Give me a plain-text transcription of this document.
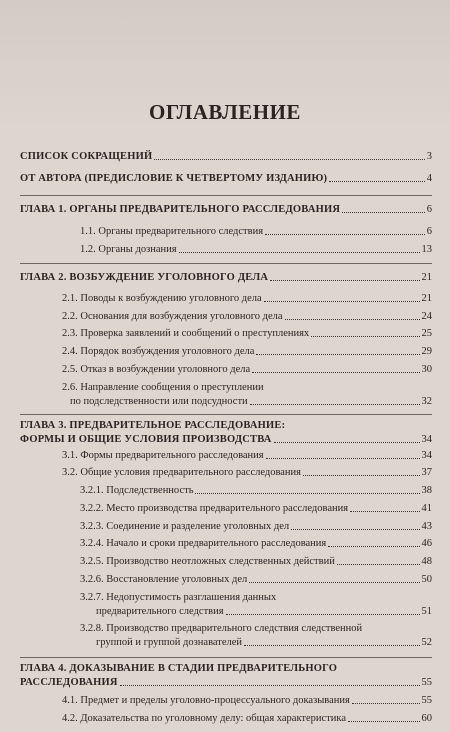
ОГЛАВЛЕНИЕ
СПИСОК СОКРАЩЕНИЙ	3
ОТ АВТОРА (ПРЕДИСЛОВИЕ К ЧЕТВЕРТОМУ ИЗДАНИЮ)	4
ГЛАВА 1. ОРГАНЫ ПРЕДВАРИТЕЛЬНОГО РАССЛЕДОВАНИЯ	6
1.1. Органы предварительного следствия	6
1.2. Органы дознания	13
ГЛАВА 2. ВОЗБУЖДЕНИЕ УГОЛОВНОГО ДЕЛА	21
2.1. Поводы к возбуждению уголовного дела	21
2.2. Основания для возбуждения уголовного дела	24
2.3. Проверка заявлений и сообщений о преступлениях	25
2.4. Порядок возбуждения уголовного дела	29
2.5. Отказ в возбуждении уголовного дела	30
2.6. Направление сообщения о преступлении
по подследственности или подсудности	32
ГЛАВА 3. ПРЕДВАРИТЕЛЬНОЕ РАССЛЕДОВАНИЕ:
ФОРМЫ И ОБЩИЕ УСЛОВИЯ ПРОИЗВОДСТВА	34
3.1. Формы предварительного расследования	34
3.2. Общие условия предварительного расследования	37
3.2.1. Подследственность	38
3.2.2. Место производства предварительного расследования	41
3.2.3. Соединение и разделение уголовных дел	43
3.2.4. Начало и сроки предварительного расследования	46
3.2.5. Производство неотложных следственных действий	48
3.2.6. Восстановление уголовных дел	50
3.2.7. Недопустимость разглашения данных
предварительного следствия	51
3.2.8. Производство предварительного следствия следственной
группой и группой дознавателей	52
ГЛАВА 4. ДОКАЗЫВАНИЕ В СТАДИИ ПРЕДВАРИТЕЛЬНОГО
РАССЛЕДОВАНИЯ	55
4.1. Предмет и пределы уголовно-процессуального доказывания	55
4.2. Доказательства по уголовному делу: общая характеристика	60
